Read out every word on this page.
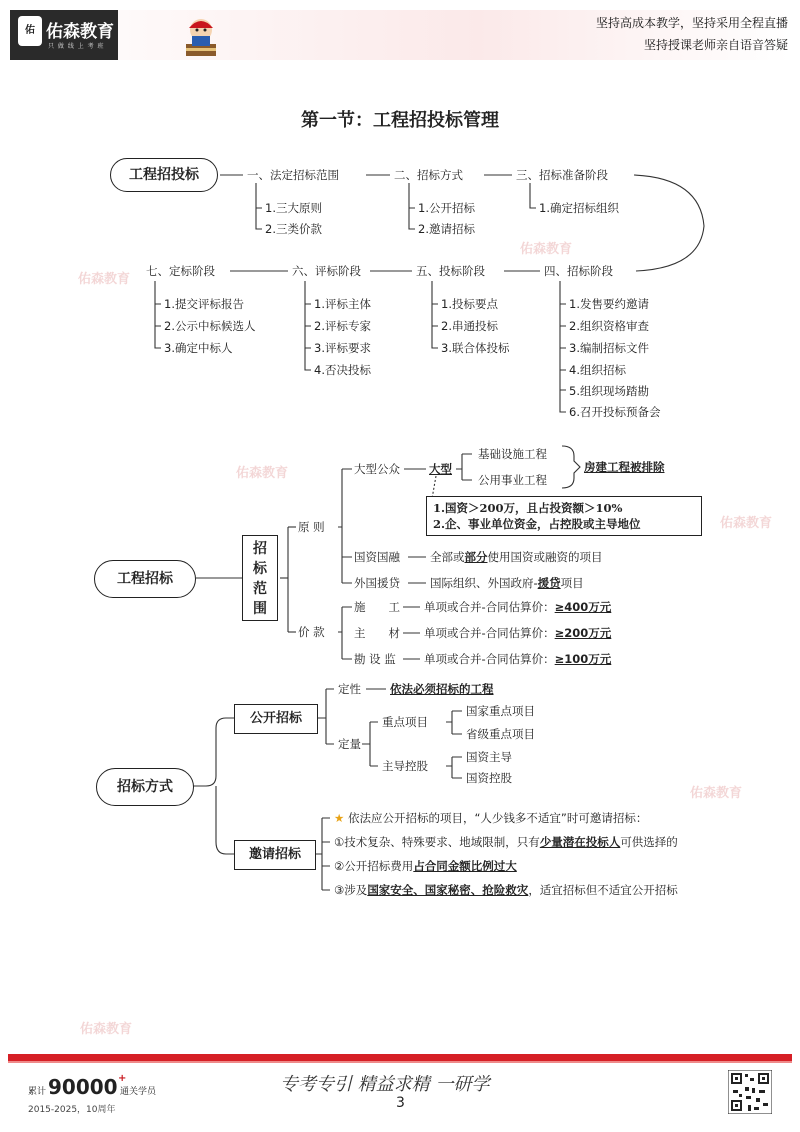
佑 佑森教育
只 做 线 上 考 班
坚持高成本教学，坚持采用全程直播
坚持授课老师亲自语音答疑
佑森教育
佑森教育
佑森教育
佑森教育
佑森教育
佑森教育
第一节：工程招投标管理
工程招投标	一、法定招标范围
1.三大原则
2.三类价款
二、招标方式
1.公开招标
2.邀请招标
三、招标准备阶段
1.确定招标组织
七、定标阶段
1.提交评标报告
2.公示中标候选人
3.确定中标人
六、评标阶段
1.评标主体
2.评标专家
3.评标要求
4.否决投标
五、投标阶段
1.投标要点
2.串通投标
3.联合体投标
四、招标阶段
1.发售要约邀请
2.组织资格审查
3.编制招标文件
4.组织招标
5.组织现场踏勘
6.召开投标预备会
工程招标
招
标
范
围
原 则
大型公众	大型
基础设施工程
公用事业工程
房建工程被排除
1.国资＞200万，且占投资额＞10%
2.企、事业单位资金，占控股或主导地位
国资国融	全部或部分使用国资或融资的项目
外国援贷	国际组织、外国政府-援贷项目
价 款
施　　工 单项或合并-合同估算价：≥400万元
主　　材 单项或合并-合同估算价：≥200万元
勘 设 监 单项或合并-合同估算价：≥100万元
招标方式
公开招标
定性	依法必须招标的工程
定量
重点项目
国家重点项目
省级重点项目
主导控股
国资主导
国资控股
邀请招标
★ 依法应公开招标的项目，“人少钱多不适宜”时可邀请招标：
①技术复杂、特殊要求、地域限制，只有少量潜在投标人可供选择的
②公开招标费用占合同金额比例过大
③涉及国家安全、国家秘密、抢险救灾，适宜招标但不适宜公开招标
累计 90000 +
通关学员
2015-2025，10周年
专考专引 精益求精 一研学
3
